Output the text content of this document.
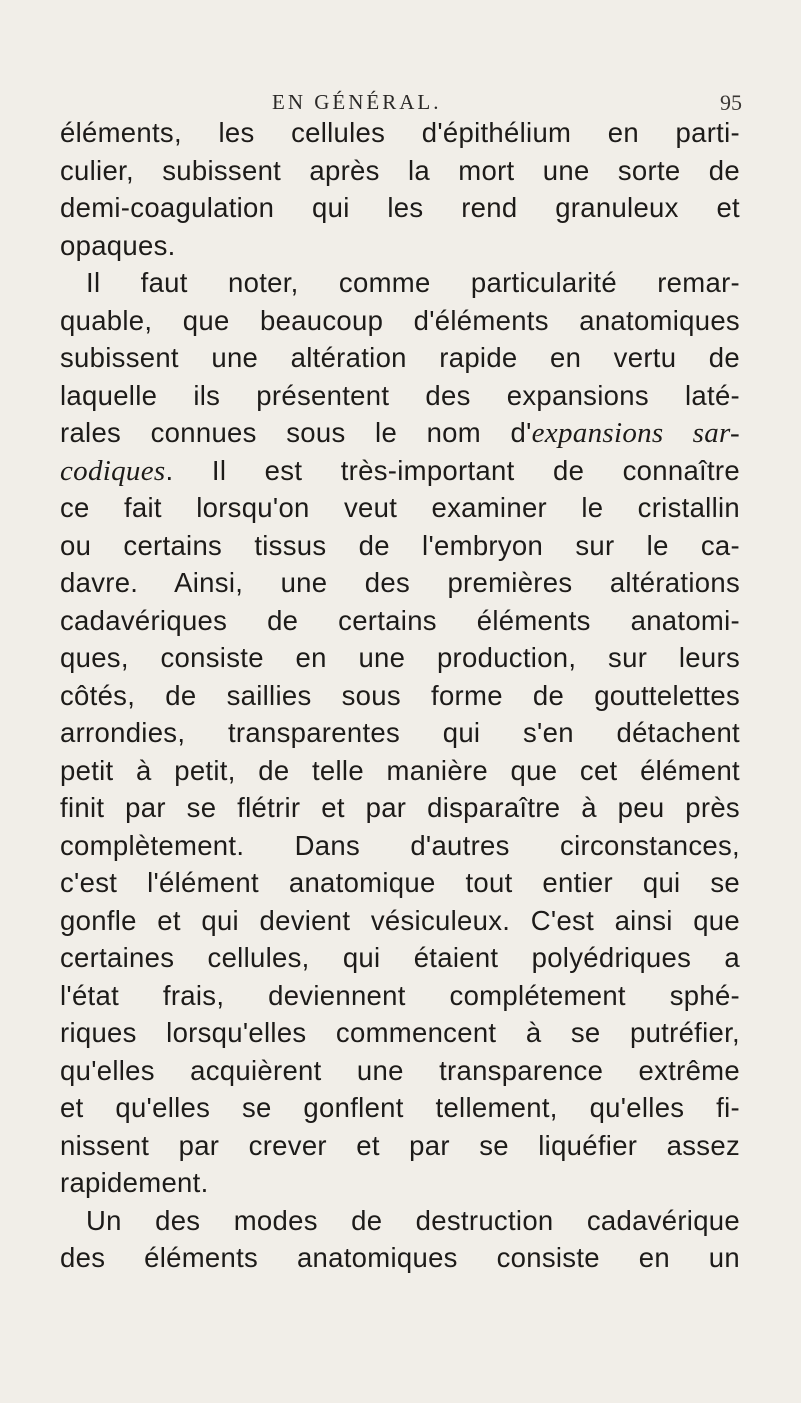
EN GÉNÉRAL.	95
éléments, les cellules d'épithélium en parti-
culier, subissent après la mort une sorte de
demi-coagulation qui les rend granuleux et
opaques.
Il faut noter, comme particularité remar-
quable, que beaucoup d'éléments anatomiques
subissent une altération rapide en vertu de
laquelle ils présentent des expansions laté-
rales connues sous le nom d'expansions sar-
codiques. Il est très-important de connaître
ce fait lorsqu'on veut examiner le cristallin
ou certains tissus de l'embryon sur le ca-
davre. Ainsi, une des premières altérations
cadavériques de certains éléments anatomi-
ques, consiste en une production, sur leurs
côtés, de saillies sous forme de gouttelettes
arrondies, transparentes qui s'en détachent
petit à petit, de telle manière que cet élément
finit par se flétrir et par disparaître à peu près
complètement. Dans d'autres circonstances,
c'est l'élément anatomique tout entier qui se
gonfle et qui devient vésiculeux. C'est ainsi que
certaines cellules, qui étaient polyédriques a
l'état frais, deviennent complétement sphé-
riques lorsqu'elles commencent à se putréfier,
qu'elles acquièrent une transparence extrême
et qu'elles se gonflent tellement, qu'elles fi-
nissent par crever et par se liquéfier assez
rapidement.
Un des modes de destruction cadavérique
des éléments anatomiques consiste en un
